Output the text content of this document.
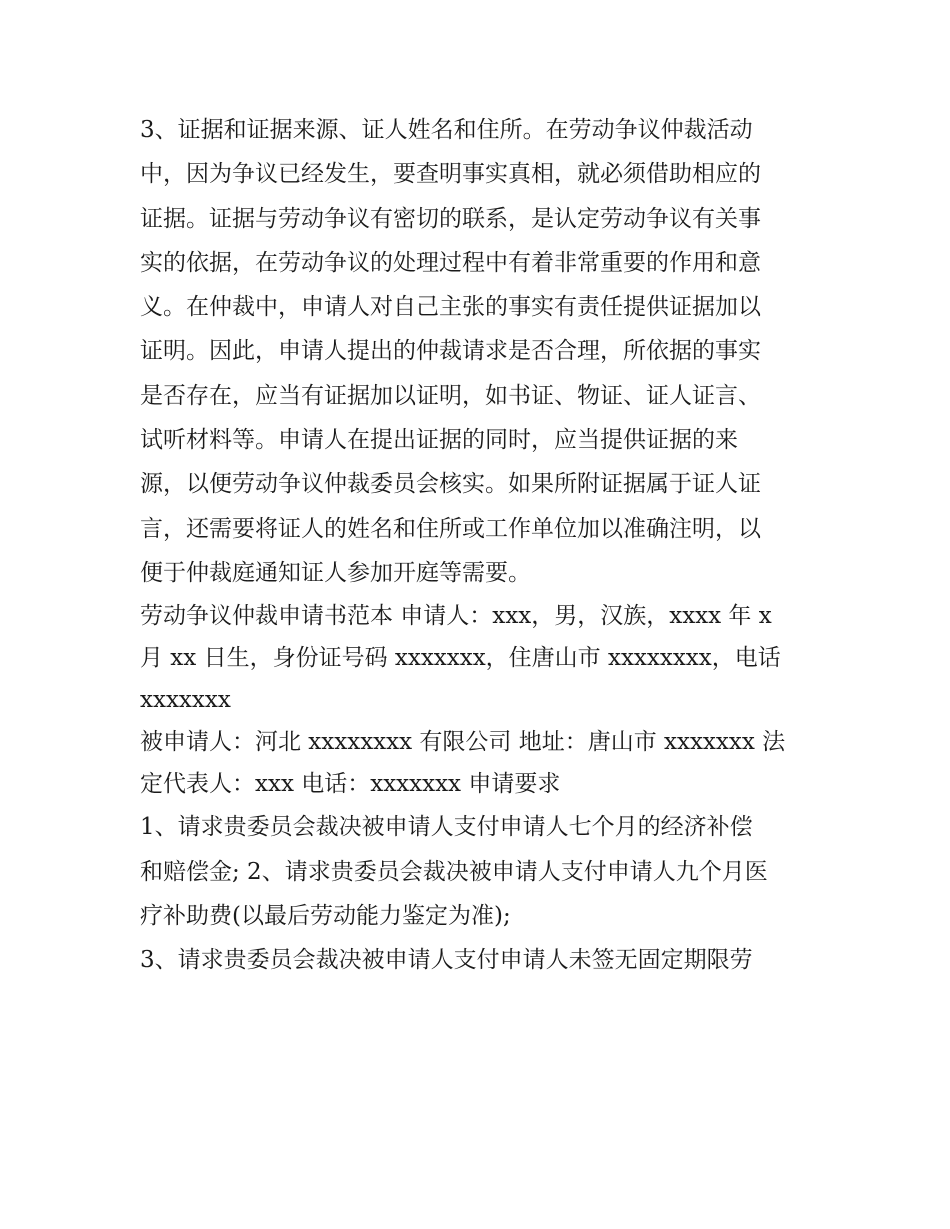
3、证据和证据来源、证人姓名和住所。在劳动争议仲裁活动
中，因为争议已经发生，要查明事实真相，就必须借助相应的
证据。证据与劳动争议有密切的联系，是认定劳动争议有关事
实的依据，在劳动争议的处理过程中有着非常重要的作用和意
义。在仲裁中，申请人对自己主张的事实有责任提供证据加以
证明。因此，申请人提出的仲裁请求是否合理，所依据的事实
是否存在，应当有证据加以证明，如书证、物证、证人证言、
试听材料等。申请人在提出证据的同时，应当提供证据的来
源，以便劳动争议仲裁委员会核实。如果所附证据属于证人证
言，还需要将证人的姓名和住所或工作单位加以准确注明，以
便于仲裁庭通知证人参加开庭等需要。
劳动争议仲裁申请书范本 申请人：xxx，男，汉族，xxxx 年 x
月 xx 日生，身份证号码 xxxxxxx，住唐山市 xxxxxxxx，电话
xxxxxxx
被申请人：河北 xxxxxxxx 有限公司 地址：唐山市 xxxxxxx 法
定代表人：xxx 电话：xxxxxxx 申请要求
1、请求贵委员会裁决被申请人支付申请人七个月的经济补偿
和赔偿金; 2、请求贵委员会裁决被申请人支付申请人九个月医
疗补助费(以最后劳动能力鉴定为准);
3、请求贵委员会裁决被申请人支付申请人未签无固定期限劳
